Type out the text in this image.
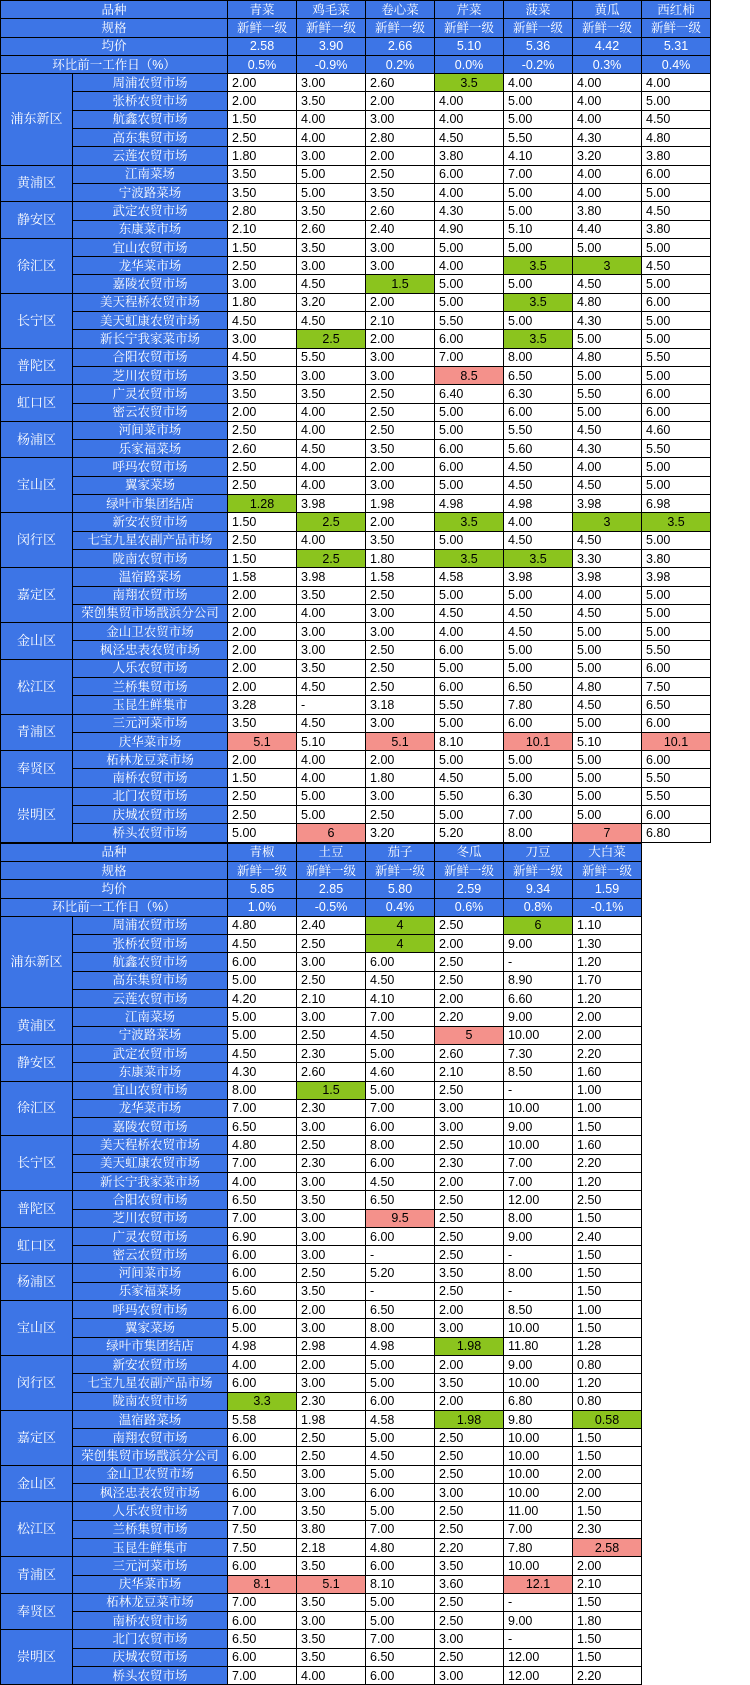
品种		青菜	鸡毛菜	卷心菜	芹菜	菠菜	黄瓜	西红柿
规格		新鲜一级	新鲜一级	新鲜一级	新鲜一级	新鲜一级	新鲜一级	新鲜一级
均价		2.58	3.90	2.66	5.10	5.36	4.42	5.31
环比前一工作日（%）		0.5%	-0.9%	0.2%	0.0%	-0.2%	0.3%	0.4%
浦东新区	周浦农贸市场	2.00	3.00	2.60	3.5	4.00	4.00	4.00
	张桥农贸市场	2.00	3.50	2.00	4.00	5.00	4.00	5.00
	航鑫农贸市场	1.50	4.00	3.00	4.00	5.00	4.00	4.50
	高东集贸市场	2.50	4.00	2.80	4.50	5.50	4.30	4.80
	云莲农贸市场	1.80	3.00	2.00	3.80	4.10	3.20	3.80
黄浦区	江南菜场	3.50	5.00	2.50	6.00	7.00	4.00	6.00
	宁波路菜场	3.50	5.00	3.50	4.00	5.00	4.00	5.00
静安区	武定农贸市场	2.80	3.50	2.60	4.30	5.00	3.80	4.50
	东康菜市场	2.10	2.60	2.40	4.90	5.10	4.40	3.80
徐汇区	宜山农贸市场	1.50	3.50	3.00	5.00	5.00	5.00	5.00
	龙华菜市场	2.50	3.00	3.00	4.00	3.5	3	4.50
	嘉陵农贸市场	3.00	4.50	1.5	5.00	5.00	4.50	5.00
长宁区	美天程桥农贸市场	1.80	3.20	2.00	5.00	3.5	4.80	6.00
	美天虹康农贸市场	4.50	4.50	2.10	5.50	5.00	4.30	5.00
	新长宁我家菜市场	3.00	2.5	2.00	6.00	3.5	5.00	5.00
普陀区	合阳农贸市场	4.50	5.50	3.00	7.00	8.00	4.80	5.50
	芝川农贸市场	3.50	3.00	3.00	8.5	6.50	5.00	5.00
虹口区	广灵农贸市场	3.50	3.50	2.50	6.40	6.30	5.50	6.00
	密云农贸市场	2.00	4.00	2.50	5.00	6.00	5.00	6.00
杨浦区	河间菜市场	2.50	4.00	2.50	5.00	5.50	4.50	4.60
	乐家福菜场	2.60	4.50	3.50	6.00	5.60	4.30	5.50
宝山区	呼玛农贸市场	2.50	4.00	2.00	6.00	4.50	4.00	5.00
	翼家菜场	2.50	4.00	3.00	5.00	4.50	4.50	5.00
	绿叶市集团结店	1.28	3.98	1.98	4.98	4.98	3.98	6.98
闵行区	新安农贸市场	1.50	2.5	2.00	3.5	4.00	3	3.5
	七宝九星农副产品市场	2.50	4.00	3.50	5.00	4.50	4.50	5.00
	陇南农贸市场	1.50	2.5	1.80	3.5	3.5	3.30	3.80
嘉定区	温宿路菜场	1.58	3.98	1.58	4.58	3.98	3.98	3.98
	南翔农贸市场	2.00	3.50	2.50	5.00	5.00	4.00	5.00
	荣创集贸市场戬浜分公司	2.00	4.00	3.00	4.50	4.50	4.50	5.00
金山区	金山卫农贸市场	2.00	3.00	3.00	4.00	4.50	5.00	5.00
	枫泾忠表农贸市场	2.00	3.00	2.50	6.00	5.00	5.00	5.50
松江区	人乐农贸市场	2.00	3.50	2.50	5.00	5.00	5.00	6.00
	兰桥集贸市场	2.00	4.50	2.50	6.00	6.50	4.80	7.50
	玉昆生鲜集市	3.28	-	3.18	5.50	7.80	4.50	6.50
青浦区	三元河菜市场	3.50	4.50	3.00	5.00	6.00	5.00	6.00
	庆华菜市场	5.1	5.10	5.1	8.10	10.1	5.10	10.1
奉贤区	柘林龙豆菜市场	2.00	4.00	2.00	5.00	5.00	5.00	6.00
	南桥农贸市场	1.50	4.00	1.80	4.50	5.00	5.00	5.50
崇明区	北门农贸市场	2.50	5.00	3.00	5.50	6.30	5.00	5.50
	庆城农贸市场	2.50	5.00	2.50	5.00	7.00	5.00	6.00
	桥头农贸市场	5.00	6	3.20	5.20	8.00	7	6.80
品种		青椒	土豆	茄子	冬瓜	刀豆	大白菜
规格		新鲜一级	新鲜一级	新鲜一级	新鲜一级	新鲜一级	新鲜一级
均价		5.85	2.85	5.80	2.59	9.34	1.59
环比前一工作日（%）		1.0%	-0.5%	0.4%	0.6%	0.8%	-0.1%
浦东新区	周浦农贸市场	4.80	2.40	4	2.50	6	1.10
	张桥农贸市场	4.50	2.50	4	2.00	9.00	1.30
	航鑫农贸市场	6.00	3.00	6.00	2.50	-	1.20
	高东集贸市场	5.00	2.50	4.50	2.50	8.90	1.70
	云莲农贸市场	4.20	2.10	4.10	2.00	6.60	1.20
黄浦区	江南菜场	5.00	3.00	7.00	2.20	9.00	2.00
	宁波路菜场	5.00	2.50	4.50	5	10.00	2.00
静安区	武定农贸市场	4.50	2.30	5.00	2.60	7.30	2.20
	东康菜市场	4.30	2.60	4.60	2.10	8.50	1.60
徐汇区	宜山农贸市场	8.00	1.5	5.00	2.50	-	1.00
	龙华菜市场	7.00	2.30	7.00	3.00	10.00	1.00
	嘉陵农贸市场	6.50	3.00	6.00	3.00	9.00	1.50
长宁区	美天程桥农贸市场	4.80	2.50	8.00	2.50	10.00	1.60
	美天虹康农贸市场	7.00	2.30	6.00	2.30	7.00	2.20
	新长宁我家菜市场	4.00	3.00	4.50	2.00	7.00	1.20
普陀区	合阳农贸市场	6.50	3.50	6.50	2.50	12.00	2.50
	芝川农贸市场	7.00	3.00	9.5	2.50	8.00	1.50
虹口区	广灵农贸市场	6.90	3.00	6.00	2.50	9.00	2.40
	密云农贸市场	6.00	3.00	-	2.50	-	1.50
杨浦区	河间菜市场	6.00	2.50	5.20	3.50	8.00	1.50
	乐家福菜场	5.60	3.50	-	2.50	-	1.50
宝山区	呼玛农贸市场	6.00	2.00	6.50	2.00	8.50	1.00
	翼家菜场	5.00	3.00	8.00	3.00	10.00	1.50
	绿叶市集团结店	4.98	2.98	4.98	1.98	11.80	1.28
闵行区	新安农贸市场	4.00	2.00	5.00	2.00	9.00	0.80
	七宝九星农副产品市场	6.00	3.00	5.00	3.50	10.00	1.20
	陇南农贸市场	3.3	2.30	6.00	2.00	6.80	0.80
嘉定区	温宿路菜场	5.58	1.98	4.58	1.98	9.80	0.58
	南翔农贸市场	6.00	2.50	5.00	2.50	10.00	1.50
	荣创集贸市场戬浜分公司	6.00	2.50	4.50	2.50	10.00	1.50
金山区	金山卫农贸市场	6.50	3.00	5.00	2.50	10.00	2.00
	枫泾忠表农贸市场	6.00	3.00	6.00	3.00	10.00	2.00
松江区	人乐农贸市场	7.00	3.50	5.00	2.50	11.00	1.50
	兰桥集贸市场	7.50	3.80	7.00	2.50	7.00	2.30
	玉昆生鲜集市	7.50	2.18	4.80	2.20	7.80	2.58
青浦区	三元河菜市场	6.00	3.50	6.00	3.50	10.00	2.00
	庆华菜市场	8.1	5.1	8.10	3.60	12.1	2.10
奉贤区	柘林龙豆菜市场	7.00	3.50	5.00	2.50	-	1.50
	南桥农贸市场	6.00	3.00	5.00	2.50	9.00	1.80
崇明区	北门农贸市场	6.50	3.50	7.00	3.00	-	1.50
	庆城农贸市场	6.00	3.50	6.50	2.50	12.00	1.50
	桥头农贸市场	7.00	4.00	6.00	3.00	12.00	2.20
